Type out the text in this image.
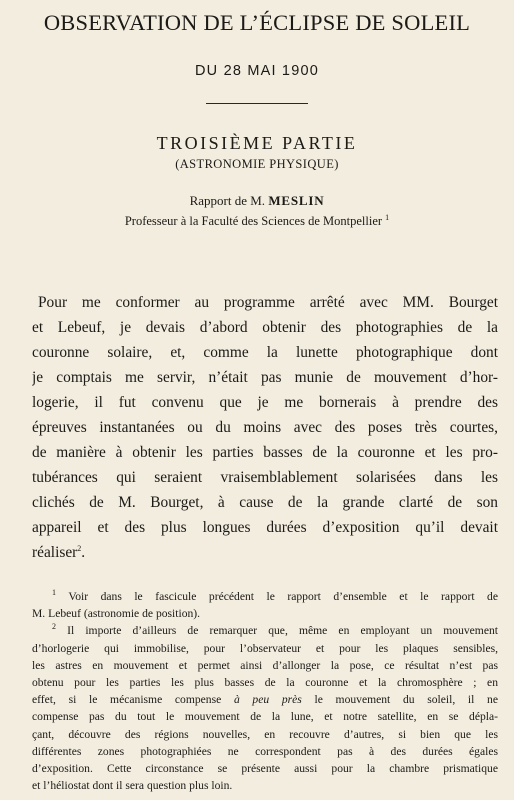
OBSERVATION DE L’ÉCLIPSE DE SOLEIL
DU 28 MAI 1900
TROISIÈME PARTIE
(ASTRONOMIE PHYSIQUE)
Rapport de M. MESLIN
Professeur à la Faculté des Sciences de Montpellier $^1$
Pour me conformer au programme arrêté avec MM. Bourget
et Lebeuf, je devais d’abord obtenir des photographies de la
couronne solaire, et, comme la lunette photographique dont
je comptais me servir, n’était pas munie de mouvement d’hor-
logerie, il fut convenu que je me bornerais à prendre des
épreuves instantanées ou du moins avec des poses très courtes,
de manière à obtenir les parties basses de la couronne et les pro-
tubérances qui seraient vraisemblablement solarisées dans les
clichés de M. Bourget, à cause de la grande clarté de son
appareil et des plus longues durées d’exposition qu’il devait
réaliser$^2$.
$^1$ Voir dans le fascicule précédent le rapport d’ensemble et le rapport de
M. Lebeuf (astronomie de position).
$^2$ Il importe d’ailleurs de remarquer que, même en employant un mouvement
d’horlogerie qui immobilise, pour l’observateur et pour les plaques sensibles,
les astres en mouvement et permet ainsi d’allonger la pose, ce résultat n’est pas
obtenu pour les parties les plus basses de la couronne et la chromosphère ; en
effet, si le mécanisme compense à peu près le mouvement du soleil, il ne
compense pas du tout le mouvement de la lune, et notre satellite, en se dépla-
çant, découvre des régions nouvelles, en recouvre d’autres, si bien que les
différentes zones photographiées ne correspondent pas à des durées égales
d’exposition. Cette circonstance se présente aussi pour la chambre prismatique
et l’héliostat dont il sera question plus loin.
